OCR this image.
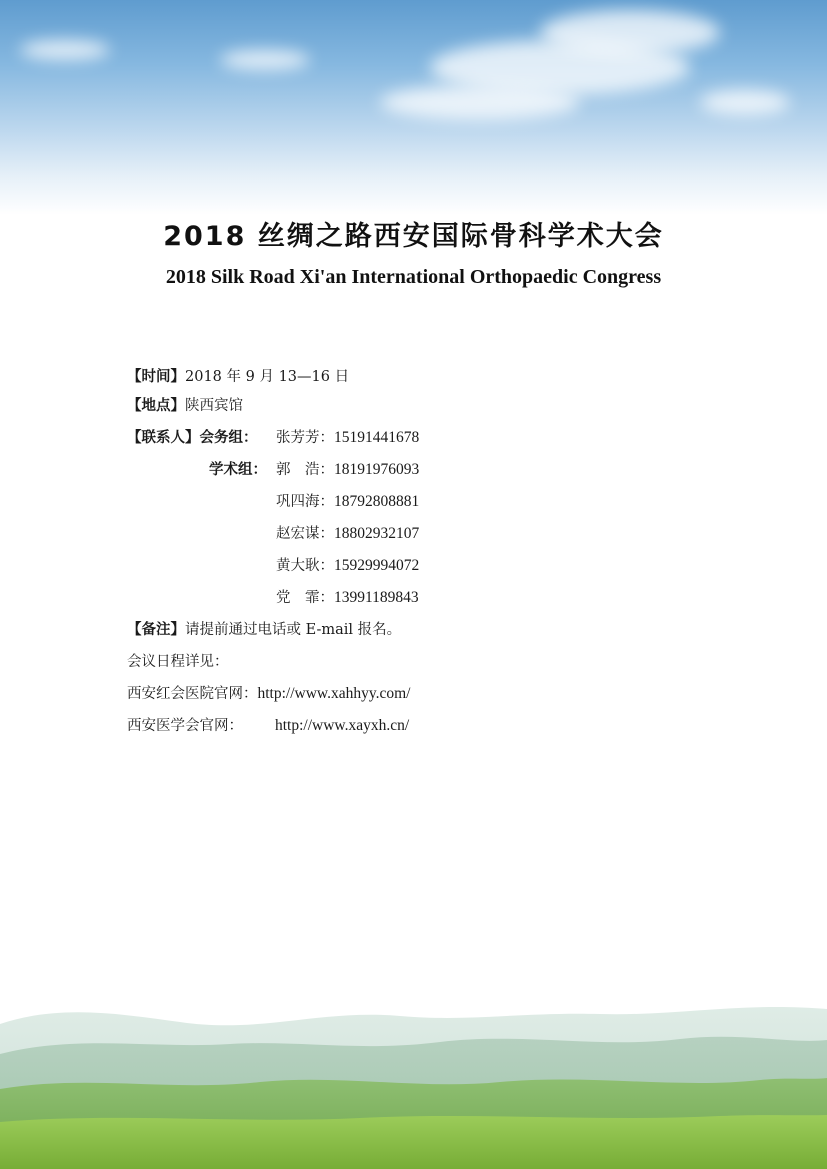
2018 丝绸之路西安国际骨科学术大会
2018 Silk Road Xi'an International Orthopaedic Congress
【时间】2018 年 9 月 13—16 日
【地点】陕西宾馆
【联系人】会务组： 张芳芳：15191441678
学术组： 郭　浩：18191976093
巩四海：18792808881
赵宏谋：18802932107
黄大耿：15929994072
党　霏：13991189843
【备注】请提前通过电话或 E-mail 报名。
会议日程详见：
西安红会医院官网：http://www.xahhyy.com/
西安医学会官网： http://www.xayxh.cn/
